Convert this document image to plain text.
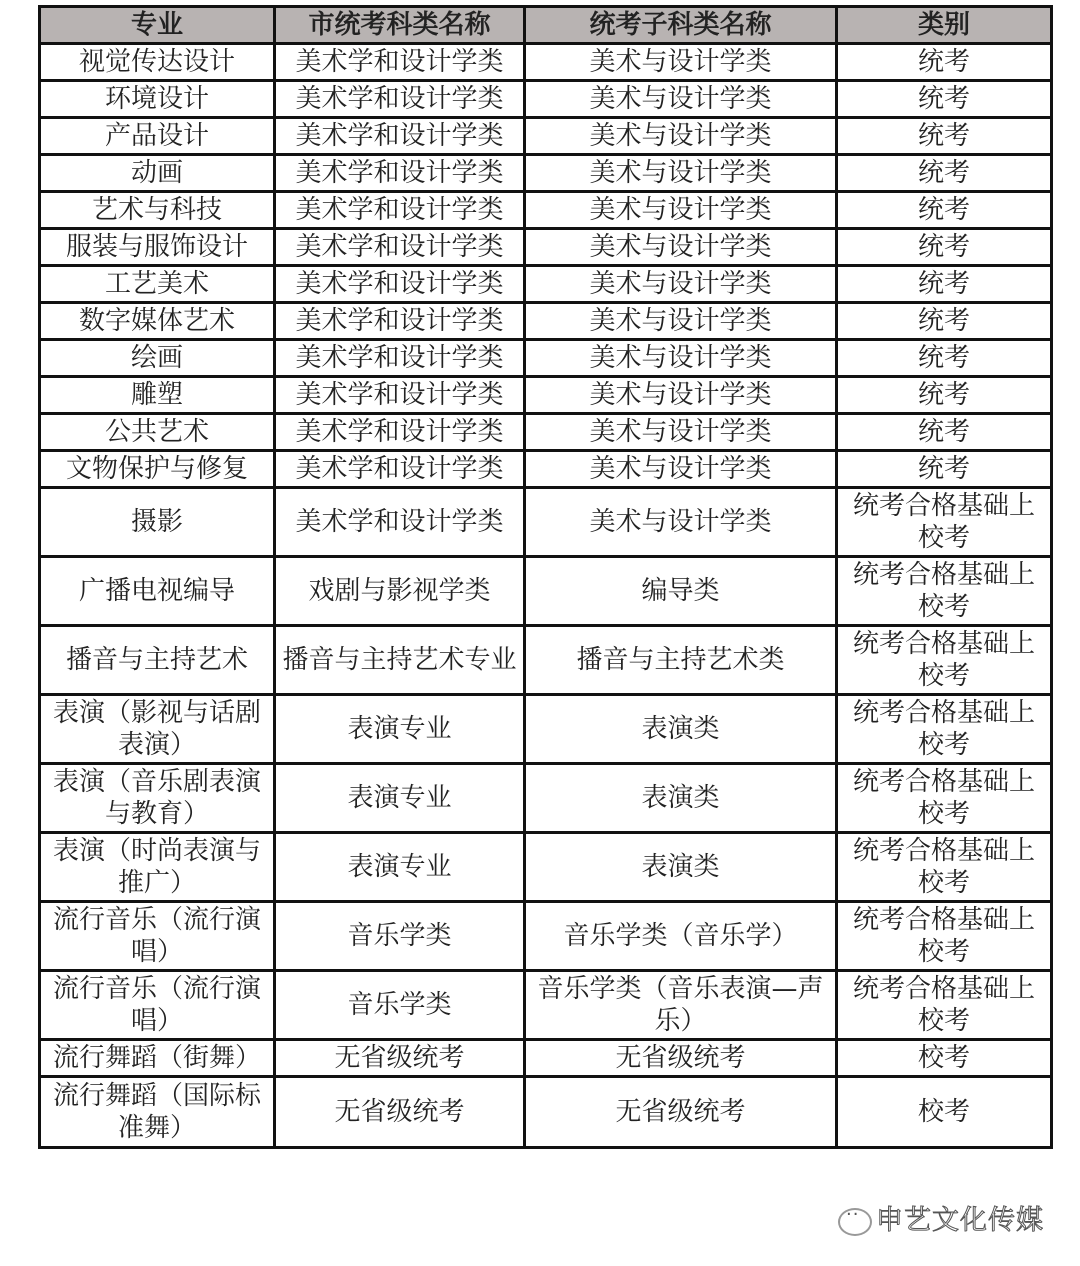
专业	市统考科类名称	统考子科类名称	类别
视觉传达设计	美术学和设计学类	美术与设计学类	统考
环境设计	美术学和设计学类	美术与设计学类	统考
产品设计	美术学和设计学类	美术与设计学类	统考
动画	美术学和设计学类	美术与设计学类	统考
艺术与科技	美术学和设计学类	美术与设计学类	统考
服装与服饰设计	美术学和设计学类	美术与设计学类	统考
工艺美术	美术学和设计学类	美术与设计学类	统考
数字媒体艺术	美术学和设计学类	美术与设计学类	统考
绘画	美术学和设计学类	美术与设计学类	统考
雕塑	美术学和设计学类	美术与设计学类	统考
公共艺术	美术学和设计学类	美术与设计学类	统考
文物保护与修复	美术学和设计学类	美术与设计学类	统考
摄影	美术学和设计学类	美术与设计学类	统考合格基础上校考
广播电视编导	戏剧与影视学类	编导类	统考合格基础上校考
播音与主持艺术	播音与主持艺术专业	播音与主持艺术类	统考合格基础上校考
表演（影视与话剧表演）	表演专业	表演类	统考合格基础上校考
表演（音乐剧表演与教育）	表演专业	表演类	统考合格基础上校考
表演（时尚表演与推广）	表演专业	表演类	统考合格基础上校考
流行音乐（流行演唱）	音乐学类	音乐学类（音乐学）	统考合格基础上校考
流行音乐（流行演唱）	音乐学类	音乐学类（音乐表演—声乐）	统考合格基础上校考
流行舞蹈（街舞）	无省级统考	无省级统考	校考
流行舞蹈（国际标准舞）	无省级统考	无省级统考	校考
··申艺文化传媒
